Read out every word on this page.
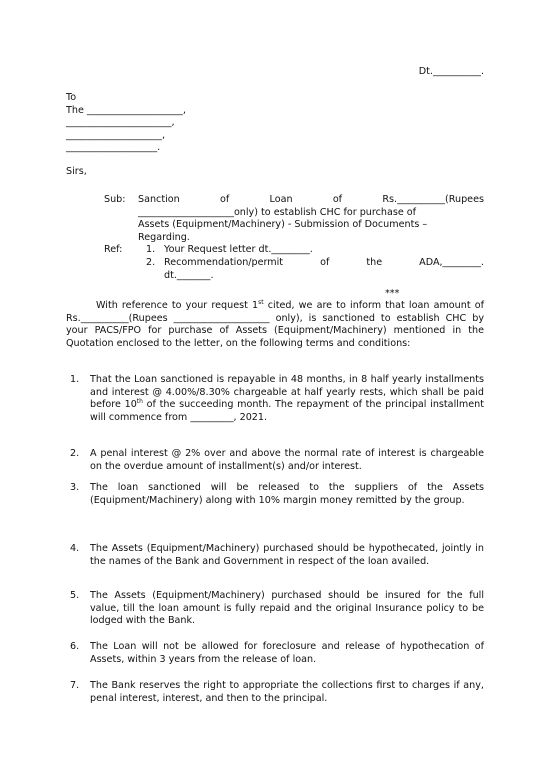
Dt.__________.
To
The ____________________,
______________________,
____________________,
___________________.
Sirs,
Sub:	Sanction of Loan of Rs.__________(Rupees
____________________only) to establish CHC for purchase of
Assets (Equipment/Machinery) - Submission of Documents –
Regarding.
Ref:	1. Your Request letter dt.________.
2. Recommendation/permit of the ADA,________.
dt._______.
***
With reference to your request 1st cited, we are to inform that loan amount of Rs.__________(Rupees ____________________ only), is sanctioned to establish CHC by your PACS/FPO for purchase of Assets (Equipment/Machinery) mentioned in the Quotation enclosed to the letter, on the following terms and conditions:
1.	That the Loan sanctioned is repayable in 48 months, in 8 half yearly installments and interest @ 4.00%/8.30% chargeable at half yearly rests, which shall be paid before 10th of the succeeding month. The repayment of the principal installment will commence from _________, 2021.
2.	A penal interest @ 2% over and above the normal rate of interest is chargeable on the overdue amount of installment(s) and/or interest.
3.	The loan sanctioned will be released to the suppliers of the Assets (Equipment/Machinery) along with 10% margin money remitted by the group.
4.	The Assets (Equipment/Machinery) purchased should be hypothecated, jointly in the names of the Bank and Government in respect of the loan availed.
5.	The Assets (Equipment/Machinery) purchased should be insured for the full value, till the loan amount is fully repaid and the original Insurance policy to be lodged with the Bank.
6.	The Loan will not be allowed for foreclosure and release of hypothecation of Assets, within 3 years from the release of loan.
7.	The Bank reserves the right to appropriate the collections first to charges if any, penal interest, interest, and then to the principal.
